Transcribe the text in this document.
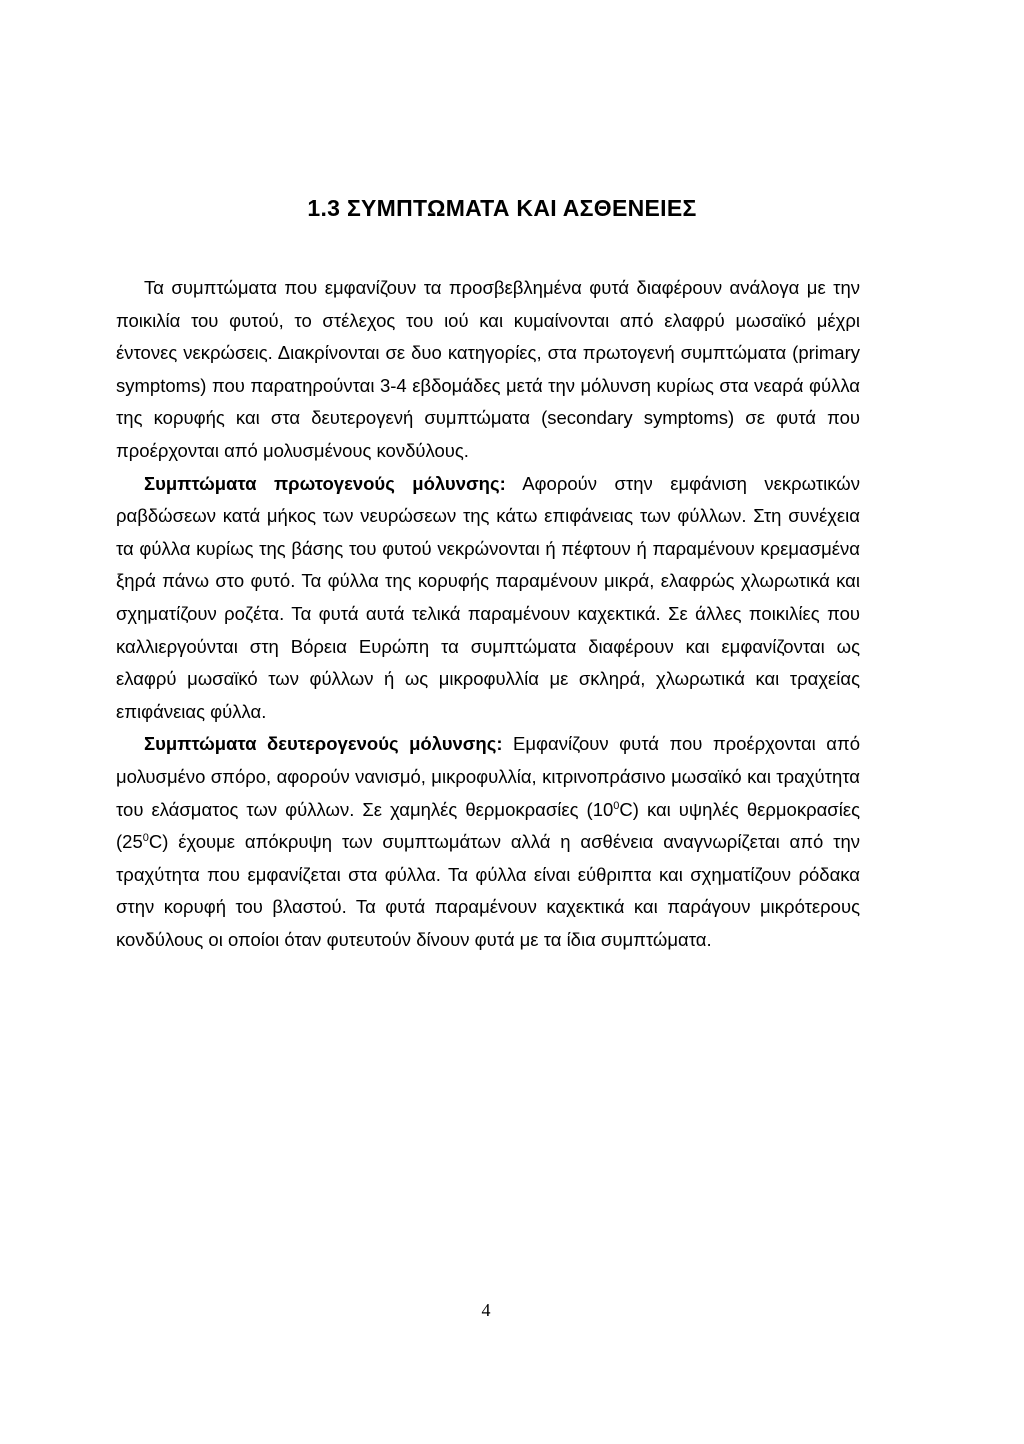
1.3 ΣΥΜΠΤΩΜΑΤΑ ΚΑΙ ΑΣΘΕΝΕΙΕΣ

Τα συμπτώματα που εμφανίζουν τα προσβεβλημένα φυτά διαφέρουν ανάλογα με την ποικιλία του φυτού, το στέλεχος του ιού και κυμαίνονται από ελαφρύ μωσαϊκό μέχρι έντονες νεκρώσεις. Διακρίνονται σε δυο κατηγορίες, στα πρωτογενή συμπτώματα (primary symptoms) που παρατηρούνται 3-4 εβδομάδες μετά την μόλυνση κυρίως στα νεαρά φύλλα της κορυφής και στα δευτερογενή συμπτώματα (secondary symptoms) σε φυτά που προέρχονται από μολυσμένους κονδύλους.

Συμπτώματα πρωτογενούς μόλυνσης: Αφορούν στην εμφάνιση νεκρωτικών ραβδώσεων κατά μήκος των νευρώσεων της κάτω επιφάνειας των φύλλων. Στη συνέχεια τα φύλλα κυρίως της βάσης του φυτού νεκρώνονται ή πέφτουν ή παραμένουν κρεμασμένα ξηρά πάνω στο φυτό. Τα φύλλα της κορυφής παραμένουν μικρά, ελαφρώς χλωρωτικά και σχηματίζουν ροζέτα. Τα φυτά αυτά τελικά παραμένουν καχεκτικά. Σε άλλες ποικιλίες που καλλιεργούνται στη Βόρεια Ευρώπη τα συμπτώματα διαφέρουν και εμφανίζονται ως ελαφρύ μωσαϊκό των φύλλων ή ως μικροφυλλία με σκληρά, χλωρωτικά και τραχείας επιφάνειας φύλλα.

Συμπτώματα δευτερογενούς μόλυνσης: Εμφανίζουν φυτά που προέρχονται από μολυσμένο σπόρο, αφορούν νανισμό, μικροφυλλία, κιτρινοπράσινο μωσαϊκό και τραχύτητα του ελάσματος των φύλλων. Σε χαμηλές θερμοκρασίες $(10^0C)$ και υψηλές θερμοκρασίες $(25^0C)$ έχουμε απόκρυψη των συμπτωμάτων αλλά η ασθένεια αναγνωρίζεται από την τραχύτητα που εμφανίζεται στα φύλλα. Τα φύλλα είναι εύθριπτα και σχηματίζουν ρόδακα στην κορυφή του βλαστού. Τα φυτά παραμένουν καχεκτικά και παράγουν μικρότερους κονδύλους οι οποίοι όταν φυτευτούν δίνουν φυτά με τα ίδια συμπτώματα.

4
